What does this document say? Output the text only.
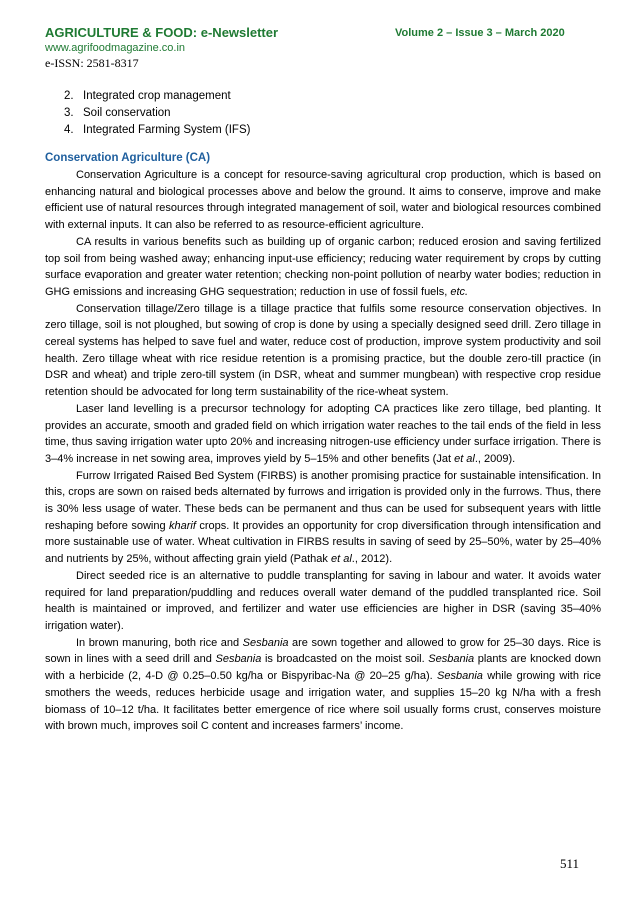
AGRICULTURE & FOOD: e-Newsletter	Volume 2 – Issue 3 – March 2020

www.agrifoodmagazine.co.in

e-ISSN: 2581-8317

2. Integrated crop management
3. Soil conservation
4. Integrated Farming System (IFS)
Conservation Agriculture (CA)

Conservation Agriculture is a concept for resource-saving agricultural crop production, which is based on enhancing natural and biological processes above and below the ground. It aims to conserve, improve and make efficient use of natural resources through integrated management of soil, water and biological resources combined with external inputs. It can also be referred to as resource-efficient agriculture.

CA results in various benefits such as building up of organic carbon; reduced erosion and saving fertilized top soil from being washed away; enhancing input-use efficiency; reducing water requirement by crops by cutting surface evaporation and greater water retention; checking non-point pollution of nearby water bodies; reduction in GHG emissions and increasing GHG sequestration; reduction in use of fossil fuels, etc.

Conservation tillage/Zero tillage is a tillage practice that fulfils some resource conservation objectives. In zero tillage, soil is not ploughed, but sowing of crop is done by using a specially designed seed drill. Zero tillage in cereal systems has helped to save fuel and water, reduce cost of production, improve system productivity and soil health. Zero tillage wheat with rice residue retention is a promising practice, but the double zero-till practice (in DSR and wheat) and triple zero-till system (in DSR, wheat and summer mungbean) with respective crop residue retention should be advocated for long term sustainability of the rice-wheat system.

Laser land levelling is a precursor technology for adopting CA practices like zero tillage, bed planting. It provides an accurate, smooth and graded field on which irrigation water reaches to the tail ends of the field in less time, thus saving irrigation water upto 20% and increasing nitrogen-use efficiency under surface irrigation. There is 3–4% increase in net sowing area, improves yield by 5–15% and other benefits (Jat et al., 2009).

Furrow Irrigated Raised Bed System (FIRBS) is another promising practice for sustainable intensification. In this, crops are sown on raised beds alternated by furrows and irrigation is provided only in the furrows. Thus, there is 30% less usage of water. These beds can be permanent and thus can be used for subsequent years with little reshaping before sowing kharif crops. It provides an opportunity for crop diversification through intensification and more sustainable use of water. Wheat cultivation in FIRBS results in saving of seed by 25–50%, water by 25–40% and nutrients by 25%, without affecting grain yield (Pathak et al., 2012).

Direct seeded rice is an alternative to puddle transplanting for saving in labour and water. It avoids water required for land preparation/puddling and reduces overall water demand of the puddled transplanted rice. Soil health is maintained or improved, and fertilizer and water use efficiencies are higher in DSR (saving 35–40% irrigation water).

In brown manuring, both rice and Sesbania are sown together and allowed to grow for 25–30 days. Rice is sown in lines with a seed drill and Sesbania is broadcasted on the moist soil. Sesbania plants are knocked down with a herbicide (2, 4-D @ 0.25–0.50 kg/ha or Bispyribac-Na @ 20–25 g/ha). Sesbania while growing with rice smothers the weeds, reduces herbicide usage and irrigation water, and supplies 15–20 kg N/ha with a fresh biomass of 10–12 t/ha. It facilitates better emergence of rice where soil usually forms crust, conserves moisture with brown much, improves soil C content and increases farmers’ income.

511
